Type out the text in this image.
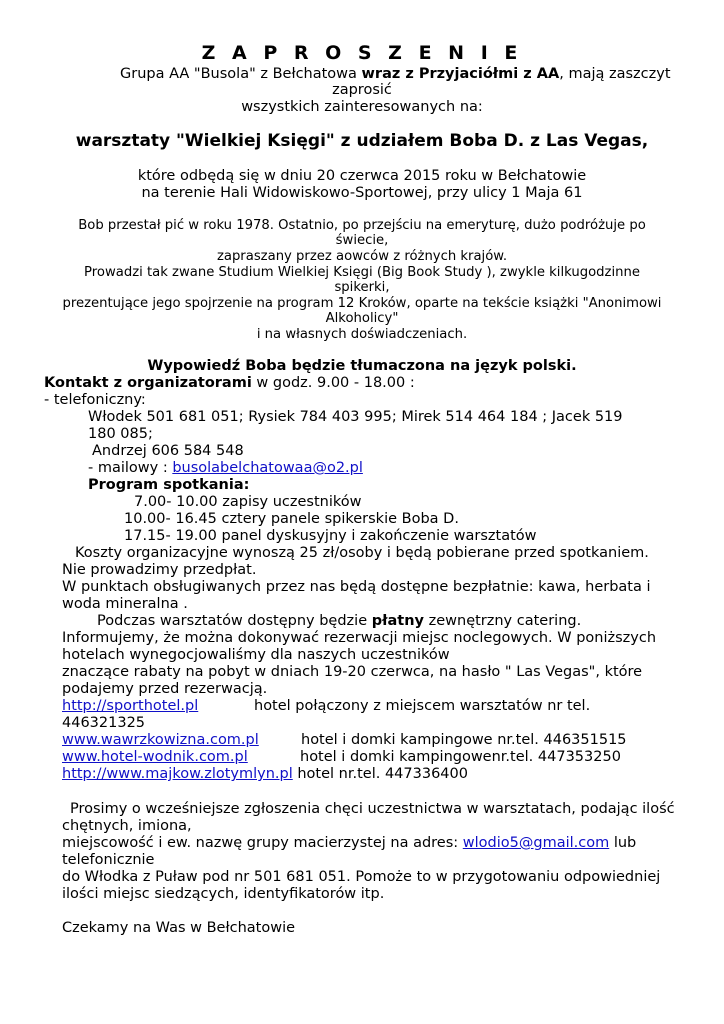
Z A P R O S Z E N I E
Grupa AA "Busola" z Bełchatowa wraz z Przyjaciółmi z AA, mają zaszczyt
zaprosić
wszystkich zainteresowanych na:
warsztaty "Wielkiej Księgi" z udziałem Boba D. z Las Vegas,
które odbędą się w dniu 20 czerwca 2015 roku w Bełchatowie
na terenie Hali Widowiskowo-Sportowej, przy ulicy 1 Maja 61
Bob przestał pić w roku 1978. Ostatnio, po przejściu na emeryturę, dużo podróżuje po
świecie,
zapraszany przez aowców z różnych krajów.
Prowadzi tak zwane Studium Wielkiej Księgi (Big Book Study ), zwykle kilkugodzinne
spikerki,
prezentujące jego spojrzenie na program 12 Kroków, oparte na tekście książki "Anonimowi
Alkoholicy"
i na własnych doświadczeniach.
Wypowiedź Boba będzie tłumaczona na język polski.
Kontakt z organizatorami w godz. 9.00 - 18.00 :
- telefoniczny:
Włodek 501 681 051; Rysiek 784 403 995; Mirek 514 464 184 ; Jacek 519
180 085;
Andrzej 606 584 548
- mailowy : busolabelchatowaa@o2.pl
Program spotkania:
7.00- 10.00 zapisy uczestników
10.00- 16.45 cztery panele spikerskie Boba D.
17.15- 19.00 panel dyskusyjny i zakończenie warsztatów
Koszty organizacyjne wynoszą 25 zł/osoby i będą pobierane przed spotkaniem.
Nie prowadzimy przedpłat.
W punktach obsługiwanych przez nas będą dostępne bezpłatnie: kawa, herbata i
woda mineralna .
Podczas warsztatów dostępny będzie płatny zewnętrzny catering.
Informujemy, że można dokonywać rezerwacji miejsc noclegowych. W poniższych
hotelach wynegocjowaliśmy dla naszych uczestników
znaczące rabaty na pobyt w dniach 19-20 czerwca, na hasło " Las Vegas", które
podajemy przed rezerwacją.
http://sporthotel.pl	hotel połączony z miejscem warsztatów nr tel.
446321325
www.wawrzkowizna.com.pl	hotel i domki kampingowe nr.tel. 446351515
www.hotel-wodnik.com.pl	hotel i domki kampingowenr.tel. 447353250
http://www.majkow.zlotymlyn.pl hotel nr.tel. 447336400
Prosimy o wcześniejsze zgłoszenia chęci uczestnictwa w warsztatach, podając ilość
chętnych, imiona,
miejscowość i ew. nazwę grupy macierzystej na adres: wlodio5@gmail.com lub
telefonicznie
do Włodka z Puław pod nr 501 681 051. Pomoże to w przygotowaniu odpowiedniej
ilości miejsc siedzących, identyfikatorów itp.
Czekamy na Was w Bełchatowie
